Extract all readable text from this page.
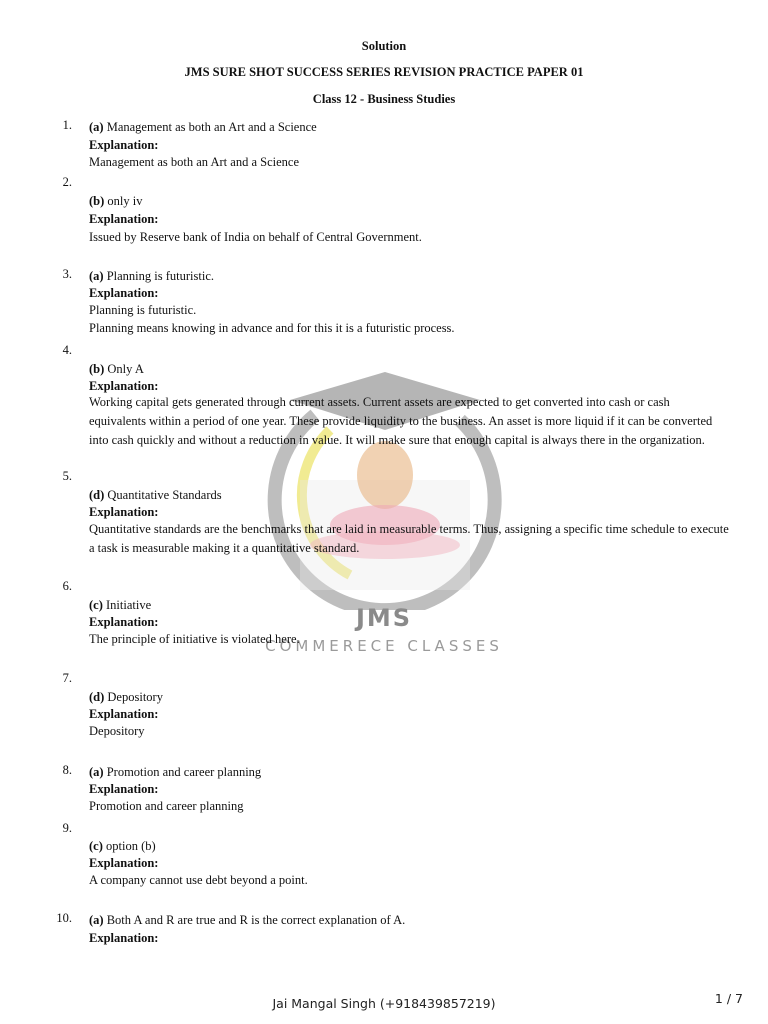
Solution
JMS SURE SHOT SUCCESS SERIES REVISION PRACTICE PAPER 01
Class 12 - Business Studies
JMS
COMMERECE CLASSES
1. (a) Management as both an Art and a Science
Explanation:
Management as both an Art and a Science
2.
(b) only iv
Explanation:
Issued by Reserve bank of India on behalf of Central Government.
3. (a) Planning is futuristic.
Explanation:
Planning is futuristic.
Planning means knowing in advance and for this it is a futuristic process.
4.
(b) Only A
Explanation:
Working capital gets generated through current assets. Current assets are expected to get converted into cash or cash equivalents within a period of one year. These provide liquidity to the business. An asset is more liquid if it can be converted into cash quickly and without a reduction in value. It will make sure that enough capital is always there in the organization.
5.
(d) Quantitative Standards
Explanation:
Quantitative standards are the benchmarks that are laid in measurable terms. Thus, assigning a specific time schedule to execute a task is measurable making it a quantitative standard.
6.
(c) Initiative
Explanation:
The principle of initiative is violated here.
7.
(d) Depository
Explanation:
Depository
8. (a) Promotion and career planning
Explanation:
Promotion and career planning
9.
(c) option (b)
Explanation:
A company cannot use debt beyond a point.
10. (a) Both A and R are true and R is the correct explanation of A.
Explanation:
Jai Mangal Singh (+918439857219)	1 / 7
